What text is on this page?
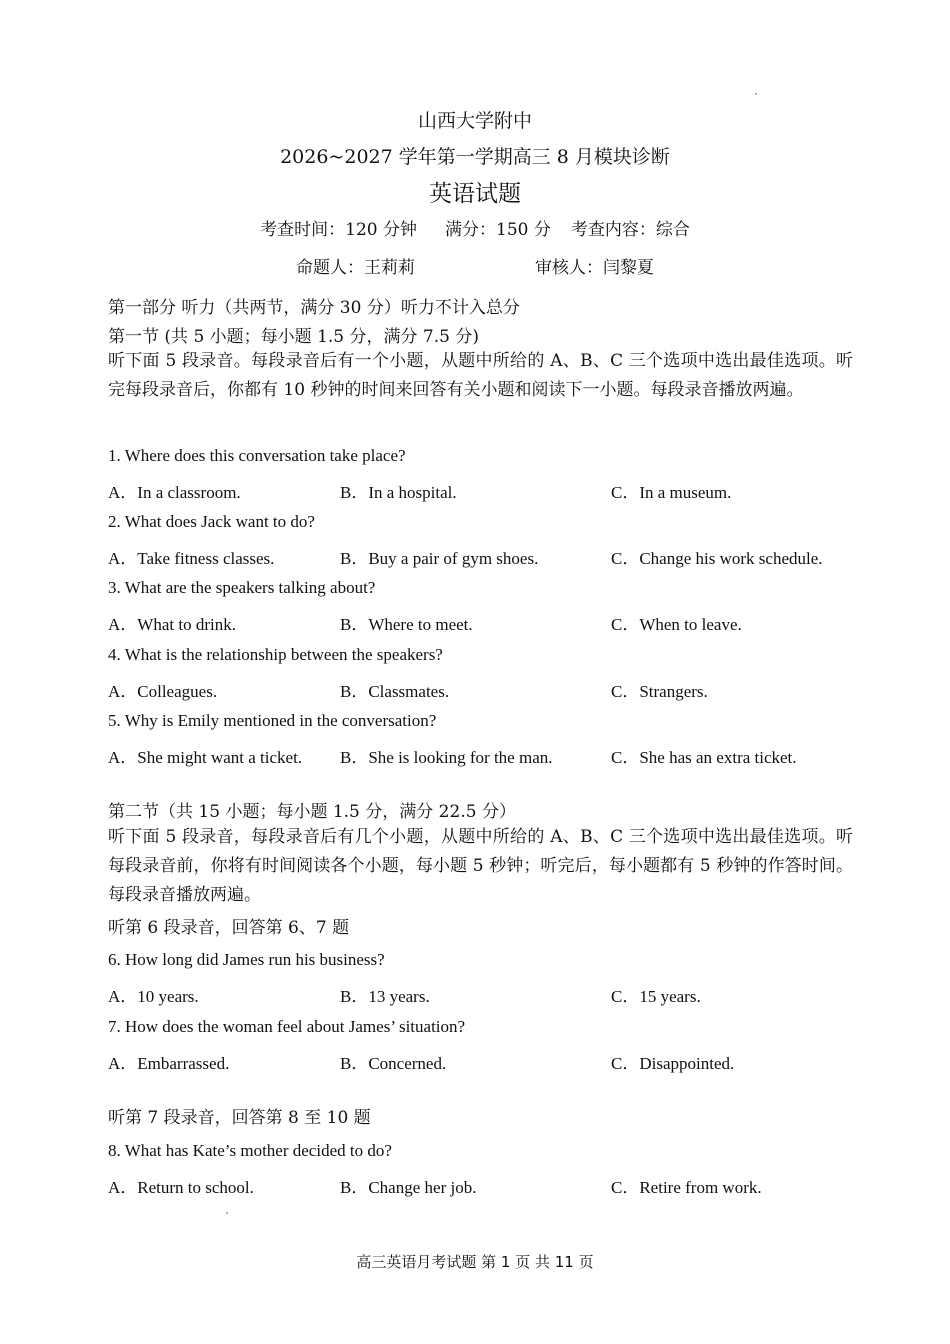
山西大学附中
2026~2027 学年第一学期高三 8 月模块诊断
英语试题
考查时间：120 分钟 满分：150 分 考查内容：综合
命题人：王莉莉	审核人：闫黎夏
第一部分 听力（共两节，满分 30 分）听力不计入总分
第一节 (共 5 小题；每小题 1.5 分，满分 7.5 分)
听下面 5 段录音。每段录音后有一个小题，从题中所给的 A、B、C 三个选项中选出最佳选项。听完每段录音后，你都有 10 秒钟的时间来回答有关小题和阅读下一小题。每段录音播放两遍。
1. Where does this conversation take place?
A．In a classroom.	B．In a hospital.	C．In a museum.
2. What does Jack want to do?
A．Take fitness classes.	B．Buy a pair of gym shoes.	C．Change his work schedule.
3. What are the speakers talking about?
A．What to drink.	B．Where to meet.	C．When to leave.
4. What is the relationship between the speakers?
A．Colleagues.	B．Classmates.	C．Strangers.
5. Why is Emily mentioned in the conversation?
A．She might want a ticket. B．She is looking for the man.	C．She has an extra ticket.
第二节（共 15 小题；每小题 1.5 分，满分 22.5 分）
听下面 5 段录音，每段录音后有几个小题，从题中所给的 A、B、C 三个选项中选出最佳选项。听每段录音前，你将有时间阅读各个小题，每小题 5 秒钟；听完后，每小题都有 5 秒钟的作答时间。每段录音播放两遍。
听第 6 段录音，回答第 6、7 题
6. How long did James run his business?
A．10 years.	B．13 years.	C．15 years.
7. How does the woman feel about James’ situation?
A．Embarrassed.	B．Concerned.	C．Disappointed.
听第 7 段录音，回答第 8 至 10 题
8. What has Kate’s mother decided to do?
A．Return to school.	B．Change her job.	C．Retire from work.
高三英语月考试题 第 1 页 共 11 页
